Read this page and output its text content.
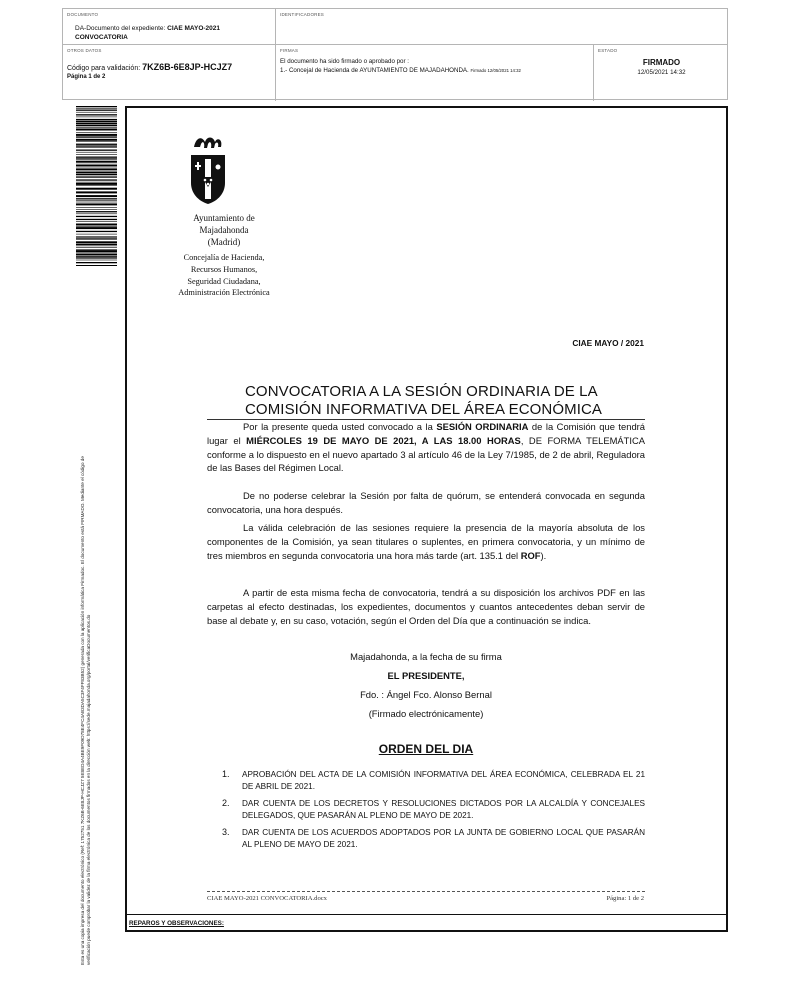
DOCUMENTO
DA-Documento del expediente: CIAE MAYO-2021
CONVOCATORIA
IDENTIFICADORES
OTROS DATOS
Código para validación: 7KZ6B-6E8JP-HCJZ7
Página 1 de 2
FIRMAS
El documento ha sido firmado o aprobado por :
1.- Concejal de Hacienda de AYUNTAMIENTO DE MAJADAHONDA. Firmado 12/05/2021 14:32
ESTADO
FIRMADO
12/05/2021 14:32
Esta es una copia impresa del documento electrónico (Ref: 1752751 7KZ6B-6E8JP-HCJZ7 5E8ED4A4BE9F09D78E4FC4AB3DA5C3F4FF83B52) generada con la aplicación informática Firmadoc. El documento está FIRMADO. Mediante el código de verificación puede comprobar la validez de la firma electrónica de los documentos firmados en la dirección web: https://sede.majadahonda.org/portal/verificaDocumentos.do	REPAROS Y OBSERVACIONES:
Ayuntamiento de
Majadahonda
(Madrid)
Concejalía de Hacienda,
Recursos Humanos,
Seguridad Ciudadana,
Administración Electrónica
CIAE MAYO / 2021
CONVOCATORIA A LA SESIÓN ORDINARIA DE LA
COMISIÓN INFORMATIVA DEL ÁREA ECONÓMICA

Por la presente queda usted convocado a la SESIÓN ORDINARIA de la Comisión que tendrá lugar el MIÉRCOLES 19 DE MAYO DE 2021, A LAS 18.00 HORAS, DE FORMA TELEMÁTICA conforme a lo dispuesto en el nuevo apartado 3 al artículo 46 de la Ley 7/1985, de 2 de abril, Reguladora de las Bases del Régimen Local.

De no poderse celebrar la Sesión por falta de quórum, se entenderá convocada en segunda convocatoria, una hora después.

La válida celebración de las sesiones requiere la presencia de la mayoría absoluta de los componentes de la Comisión, ya sean titulares o suplentes, en primera convocatoria, y un mínimo de tres miembros en segunda convocatoria una hora más tarde (art. 135.1 del ROF).

A partir de esta misma fecha de convocatoria, tendrá a su disposición los archivos PDF en las carpetas al efecto destinadas, los expedientes, documentos y cuantos antecedentes deban servir de base al debate y, en su caso, votación, según el Orden del Día que a continuación se indica.

Majadahonda, a la fecha de su firma
EL PRESIDENTE,
Fdo. : Ángel Fco. Alonso Bernal
(Firmado electrónicamente)
ORDEN DEL DIA
1. APROBACIÓN DEL ACTA DE LA COMISIÓN INFORMATIVA DEL ÁREA ECONÓMICA, CELEBRADA EL 21 DE ABRIL DE 2021.
2. DAR CUENTA DE LOS DECRETOS Y RESOLUCIONES DICTADOS POR LA ALCALDÍA Y CONCEJALES DELEGADOS, QUE PASARÁN AL PLENO DE MAYO DE 2021.
3. DAR CUENTA DE LOS ACUERDOS ADOPTADOS POR LA JUNTA DE GOBIERNO LOCAL QUE PASARÁN AL PLENO DE MAYO DE 2021.
CIAE MAYO-2021 CONVOCATORIA.docx	Página: 1 de 2
